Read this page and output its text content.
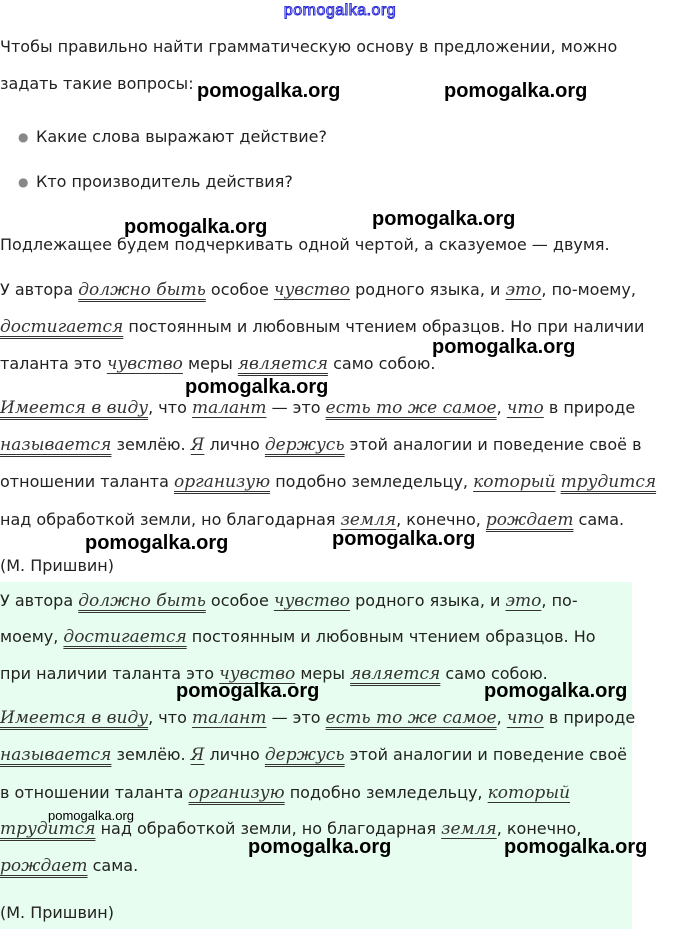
pomogalka.org
Чтобы правильно найти грамматическую основу в предложении, можно
задать такие вопросы:
● Какие слова выражают действие?
● Кто производитель действия?
Подлежащее будем подчеркивать одной чертой, а сказуемое — двумя.
У автора должно быть особое чувство родного языка, и это, по-моему,
достигается постоянным и любовным чтением образцов. Но при наличии
таланта это чувство меры является само собою.
Имеется в виду, что талант — это есть то же самое, что в природе
называется землёю. Я лично держусь этой аналогии и поведение своё в
отношении таланта организую подобно земледельцу, который трудится
над обработкой земли, но благодарная земля, конечно, рождает сама.
(М. Пришвин)
У автора должно быть особое чувство родного языка, и это, по-
моему, достигается постоянным и любовным чтением образцов. Но
при наличии таланта это чувство меры является само собою.
Имеется в виду, что талант — это есть то же самое, что в природе
называется землёю. Я лично держусь этой аналогии и поведение своё
в отношении таланта организую подобно земледельцу, который
трудится над обработкой земли, но благодарная земля, конечно,
рождает сама.
(М. Пришвин)
pomogalka.org	pomogalka.org
pomogalka.org	pomogalka.org
pomogalka.org
pomogalka.org
pomogalka.org	pomogalka.org
pomogalka.org	pomogalka.org
pomogalka.org
pomogalka.org	pomogalka.org
